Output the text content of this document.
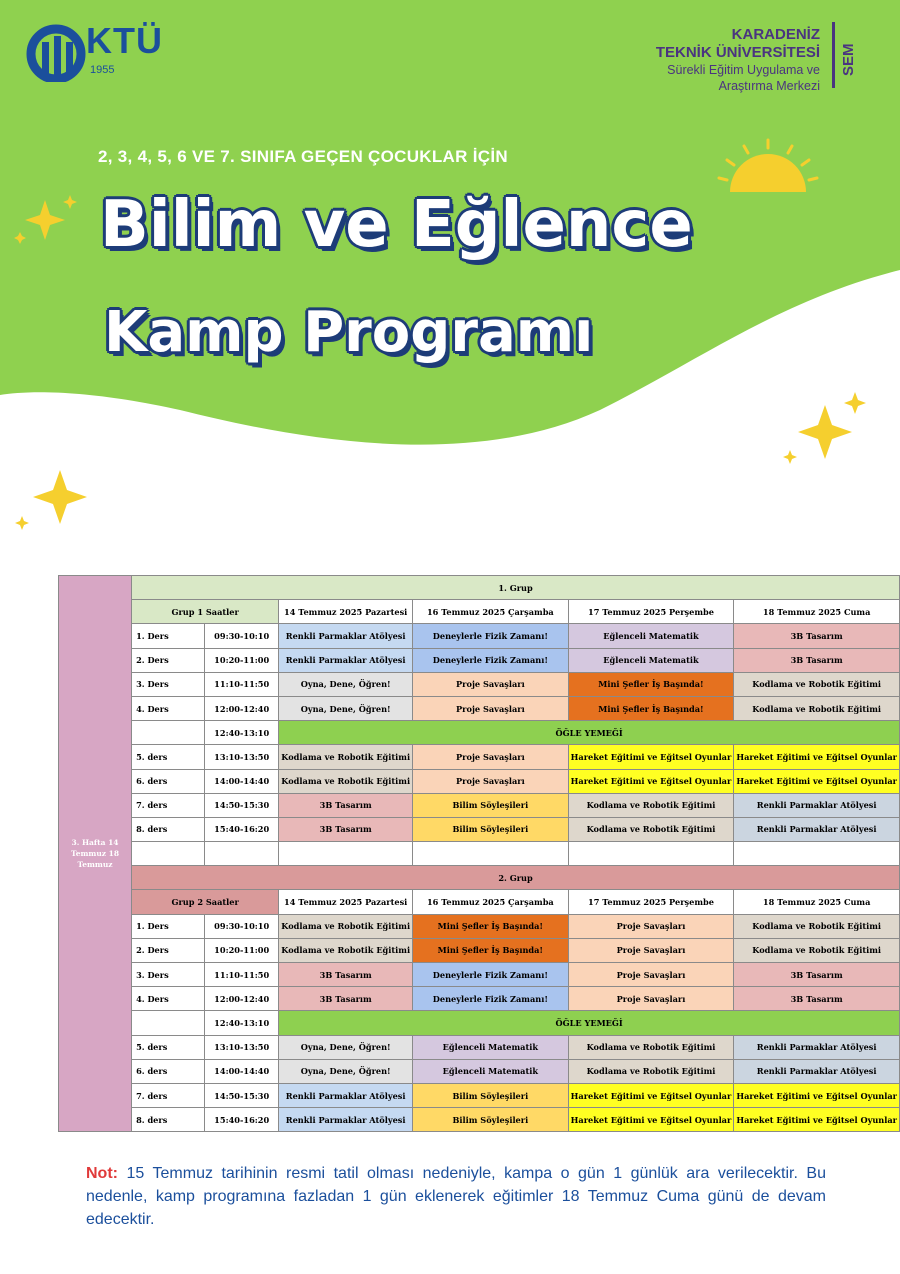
KTÜ
1955
KARADENİZ
TEKNİK ÜNİVERSİTESİ
Sürekli Eğitim Uygulama ve
Araştırma Merkezi
SEM
2, 3, 4, 5, 6 VE 7. SINIFA GEÇEN ÇOCUKLAR İÇİN
Bilim ve Eğlence
Kamp Programı
3. Hafta 14 Temmuz 18 Temmuz	1. Grup					
	Grup 1 Saatler		14 Temmuz 2025 Pazartesi	16 Temmuz 2025 Çarşamba	17 Temmuz 2025 Perşembe	18 Temmuz 2025 Cuma
	1. Ders	09:30-10:10	Renkli Parmaklar Atölyesi	Deneylerle Fizik Zamanı!	Eğlenceli Matematik	3B Tasarım
	2. Ders	10:20-11:00	Renkli Parmaklar Atölyesi	Deneylerle Fizik Zamanı!	Eğlenceli Matematik	3B Tasarım
	3. Ders	11:10-11:50	Oyna, Dene, Öğren!	Proje Savaşları	Mini Şefler İş Başında!	Kodlama ve Robotik Eğitimi
	4. Ders	12:00-12:40	Oyna, Dene, Öğren!	Proje Savaşları	Mini Şefler İş Başında!	Kodlama ve Robotik Eğitimi
		12:40-13:10	ÖĞLE YEMEĞİ			
	5. ders	13:10-13:50	Kodlama ve Robotik Eğitimi	Proje Savaşları	Hareket Eğitimi ve Eğitsel Oyunlar	Hareket Eğitimi ve Eğitsel Oyunlar
	6. ders	14:00-14:40	Kodlama ve Robotik Eğitimi	Proje Savaşları	Hareket Eğitimi ve Eğitsel Oyunlar	Hareket Eğitimi ve Eğitsel Oyunlar
	7. ders	14:50-15:30	3B Tasarım	Bilim Söyleşileri	Kodlama ve Robotik Eğitimi	Renkli Parmaklar Atölyesi
	8. ders	15:40-16:20	3B Tasarım	Bilim Söyleşileri	Kodlama ve Robotik Eğitimi	Renkli Parmaklar Atölyesi

	2. Grup					
	Grup 2 Saatler		14 Temmuz 2025 Pazartesi	16 Temmuz 2025 Çarşamba	17 Temmuz 2025 Perşembe	18 Temmuz 2025 Cuma
	1. Ders	09:30-10:10	Kodlama ve Robotik Eğitimi	Mini Şefler İş Başında!	Proje Savaşları	Kodlama ve Robotik Eğitimi
	2. Ders	10:20-11:00	Kodlama ve Robotik Eğitimi	Mini Şefler İş Başında!	Proje Savaşları	Kodlama ve Robotik Eğitimi
	3. Ders	11:10-11:50	3B Tasarım	Deneylerle Fizik Zamanı!	Proje Savaşları	3B Tasarım
	4. Ders	12:00-12:40	3B Tasarım	Deneylerle Fizik Zamanı!	Proje Savaşları	3B Tasarım
		12:40-13:10	ÖĞLE YEMEĞİ			
	5. ders	13:10-13:50	Oyna, Dene, Öğren!	Eğlenceli Matematik	Kodlama ve Robotik Eğitimi	Renkli Parmaklar Atölyesi
	6. ders	14:00-14:40	Oyna, Dene, Öğren!	Eğlenceli Matematik	Kodlama ve Robotik Eğitimi	Renkli Parmaklar Atölyesi
	7. ders	14:50-15:30	Renkli Parmaklar Atölyesi	Bilim Söyleşileri	Hareket Eğitimi ve Eğitsel Oyunlar	Hareket Eğitimi ve Eğitsel Oyunlar
	8. ders	15:40-16:20	Renkli Parmaklar Atölyesi	Bilim Söyleşileri	Hareket Eğitimi ve Eğitsel Oyunlar	Hareket Eğitimi ve Eğitsel Oyunlar
Not: 15 Temmuz tarihinin resmi tatil olması nedeniyle, kampa o gün 1 günlük ara verilecektir. Bu nedenle, kamp programına fazladan 1 gün eklenerek eğitimler 18 Temmuz Cuma günü de devam edecektir.
